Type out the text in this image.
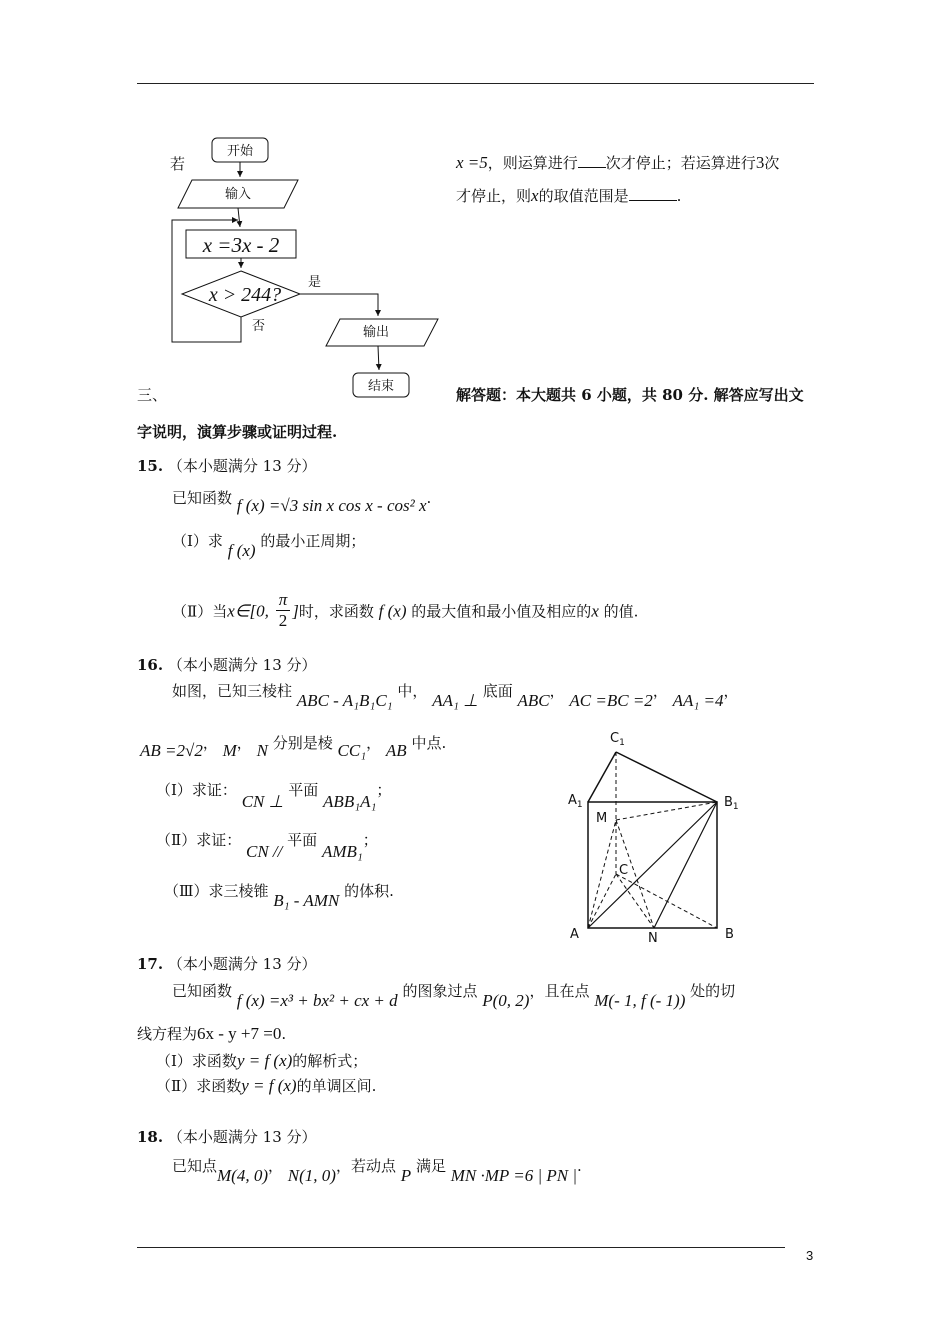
开始
输入
x =3x - 2
x > 244?
是
否	输出
结束
若	x =5，则运算进行 次才停止；若运算进行3次
才停止，则x的取值范围是	.
三、	解答题：本大题共 6 小题，共 80 分. 解答应写出文
字说明，演算步骤或证明过程.
15. （本小题满分 13 分）
已知函数 f (x) =√3 sin x cos x - cos² x.
（Ⅰ）求 f (x) 的最小正周期；
（Ⅱ）当x∈[0, $\frac{\pi}{2}$ ]时，求函数 f (x) 的最大值和最小值及相应的x 的值.
16. （本小题满分 13 分）
如图，已知三棱柱 ABC - A₁B₁C₁ 中， AA₁ ⊥ 底面 ABC， AC =BC =2， AA₁ =4，
AB =2√2， M， N 分别是棱 CC₁， AB 中点.
（Ⅰ）求证： CN ⊥ 平面 ABB₁A₁；
（Ⅱ）求证： CN // 平面 AMB₁；
（Ⅲ）求三棱锥 B₁ - AMN 的体积.
$C_1$
$A_1$	$B_1$
M
C
A	N	B
17. （本小题满分 13 分）
已知函数 f (x) =x³ + bx² + cx + d 的图象过点 P(0, 2)，且在点 M(- 1, f (- 1)) 处的切
线方程为6x - y +7 =0.
（Ⅰ）求函数y = f (x)的解析式；
（Ⅱ）求函数y = f (x)的单调区间.
18. （本小题满分 13 分）
已知点M(4, 0)， N(1, 0)，若动点 P 满足 MN ·MP =6 | PN |.
3
